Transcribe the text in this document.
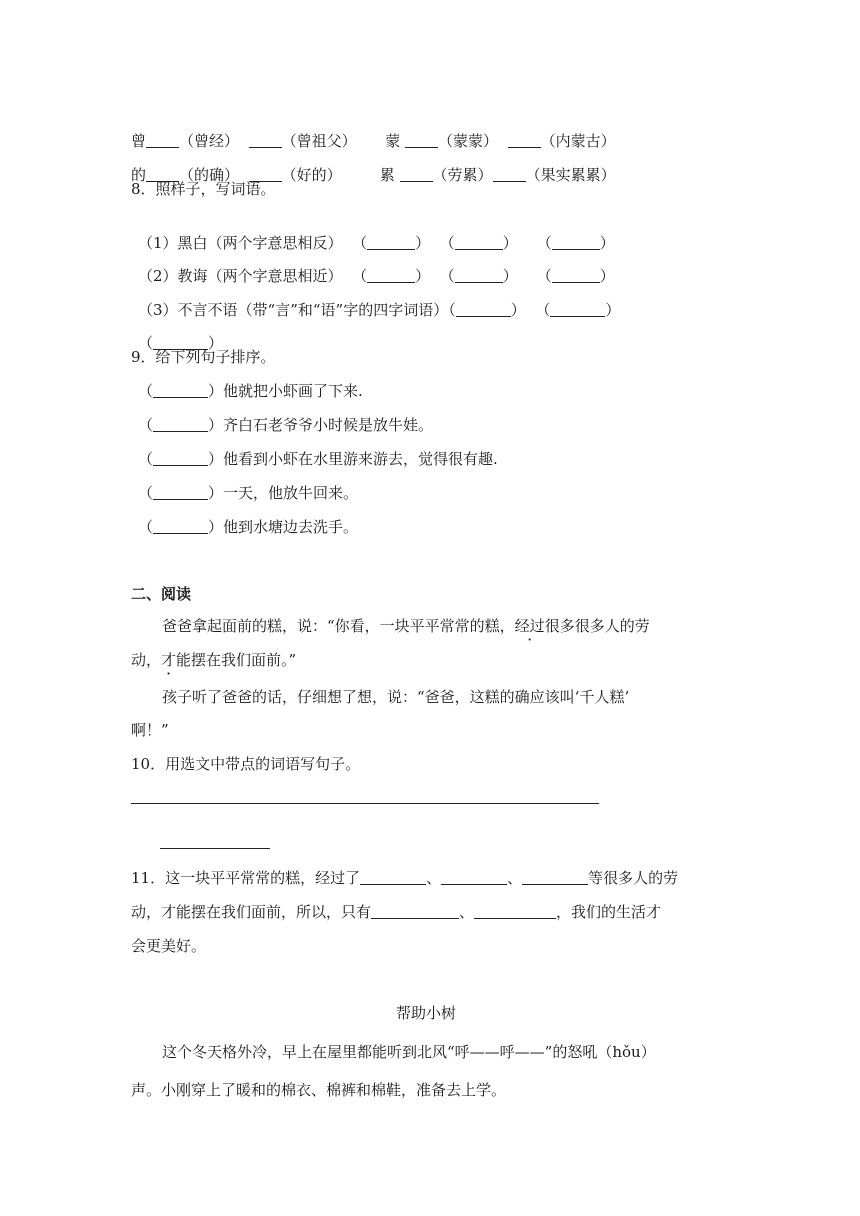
曾 （曾经）	（曾祖父） 蒙	（蒙蒙）	（内蒙古）

的 （的确）	（好的）	累	（劳累） （果实累累）

8．照样子，写词语。

（1）黑白（两个字意思相反） （	） （	） （	）

（2）教诲（两个字意思相近） （	） （	） （	）

（3）不言不语（带“言”和“语”字的四字词语）（	） （	）

（	）

9．给下列句子排序。
（	）他就把小虾画了下来.
（	）齐白石老爷爷小时候是放牛娃。
（	）他看到小虾在水里游来游去，觉得很有趣.
（	）一天，他放牛回来。
（	）他到水塘边去洗手。
二、阅读
爸爸拿起面前的糕，说：“你看，一块平平常常的糕，经过很多很多人的劳
动，才能摆在我们面前。”
孩子听了爸爸的话，仔细想了想，说：“爸爸，这糕的确应该叫‘千人糕’
啊！”
10．用选文中带点的词语写句子。
11．这一块平平常常的糕，经过了	、	、	等很多人的劳
动，才能摆在我们面前，所以，只有	、	，我们的生活才
会更美好。
帮助小树
这个冬天格外冷，早上在屋里都能听到北风“呼——呼——”的怒吼（hǒu）
声。小刚穿上了暖和的棉衣、棉裤和棉鞋，准备去上学。
